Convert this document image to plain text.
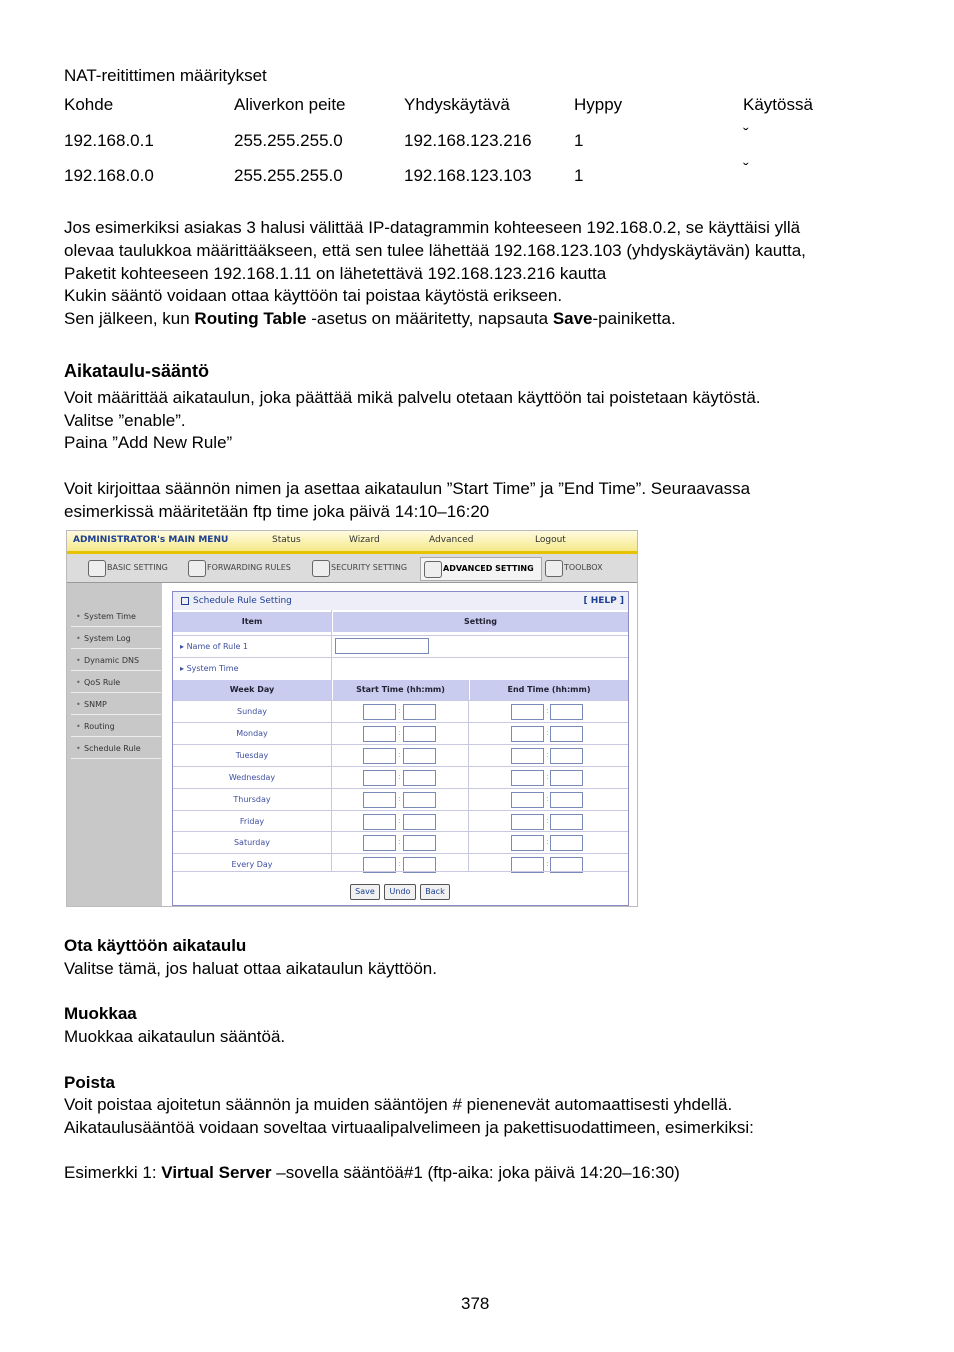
NAT-reitittimen määritykset
Kohde	Aliverkon peite	Yhdyskäytävä	Hyppy	Käytössä
192.168.0.1	255.255.255.0	192.168.123.216 1	ˇ
192.168.0.0	255.255.255.0	192.168.123.103 1	ˇ
Jos esimerkiksi asiakas 3 halusi välittää IP-datagrammin kohteeseen 192.168.0.2, se käyttäisi yllä
olevaa taulukkoa määrittääkseen, että sen tulee lähettää 192.168.123.103 (yhdyskäytävän) kautta,
Paketit kohteeseen 192.168.1.11 on lähetettävä 192.168.123.216 kautta
Kukin sääntö voidaan ottaa käyttöön tai poistaa käytöstä erikseen.
Sen jälkeen, kun Routing Table -asetus on määritetty, napsauta Save-painiketta.
Aikataulu-sääntö
Voit määrittää aikataulun, joka päättää mikä palvelu otetaan käyttöön tai poistetaan käytöstä.
Valitse ”enable”.
Paina ”Add New Rule”
Voit kirjoittaa säännön nimen ja asettaa aikataulun ”Start Time” ja ”End Time”. Seuraavassa
esimerkissä määritetään ftp time joka päivä 14:10–16:20
ADMINISTRATOR's MAIN MENU	Status	Wizard	Advanced	Logout
BASIC SETTING	FORWARDING RULES	SECURITY SETTING	ADVANCED SETTING	TOOLBOX
• System Time
• System Log
• Dynamic DNS
• QoS Rule
• SNMP
• Routing
• Schedule Rule
Schedule Rule Setting	[ HELP ]
Item	Setting
▸ Name of Rule 1
▸ System Time
Week Day	Start Time (hh:mm)	End Time (hh:mm)
Sunday	:	:
Monday	:	:
Tuesday	:	:
Wednesday	:	:
Thursday	:	:
Friday	:	:
Saturday	:	:
Every Day	:	:
Save	Undo	Back
Ota käyttöön aikataulu
Valitse tämä, jos haluat ottaa aikataulun käyttöön.
Muokkaa
Muokkaa aikataulun sääntöä.
Poista
Voit poistaa ajoitetun säännön ja muiden sääntöjen # pienenevät automaattisesti yhdellä.
Aikataulusääntöä voidaan soveltaa virtuaalipalvelimeen ja pakettisuodattimeen, esimerkiksi:
Esimerkki 1: Virtual Server –sovella sääntöä#1 (ftp-aika: joka päivä 14:20–16:30)
378
